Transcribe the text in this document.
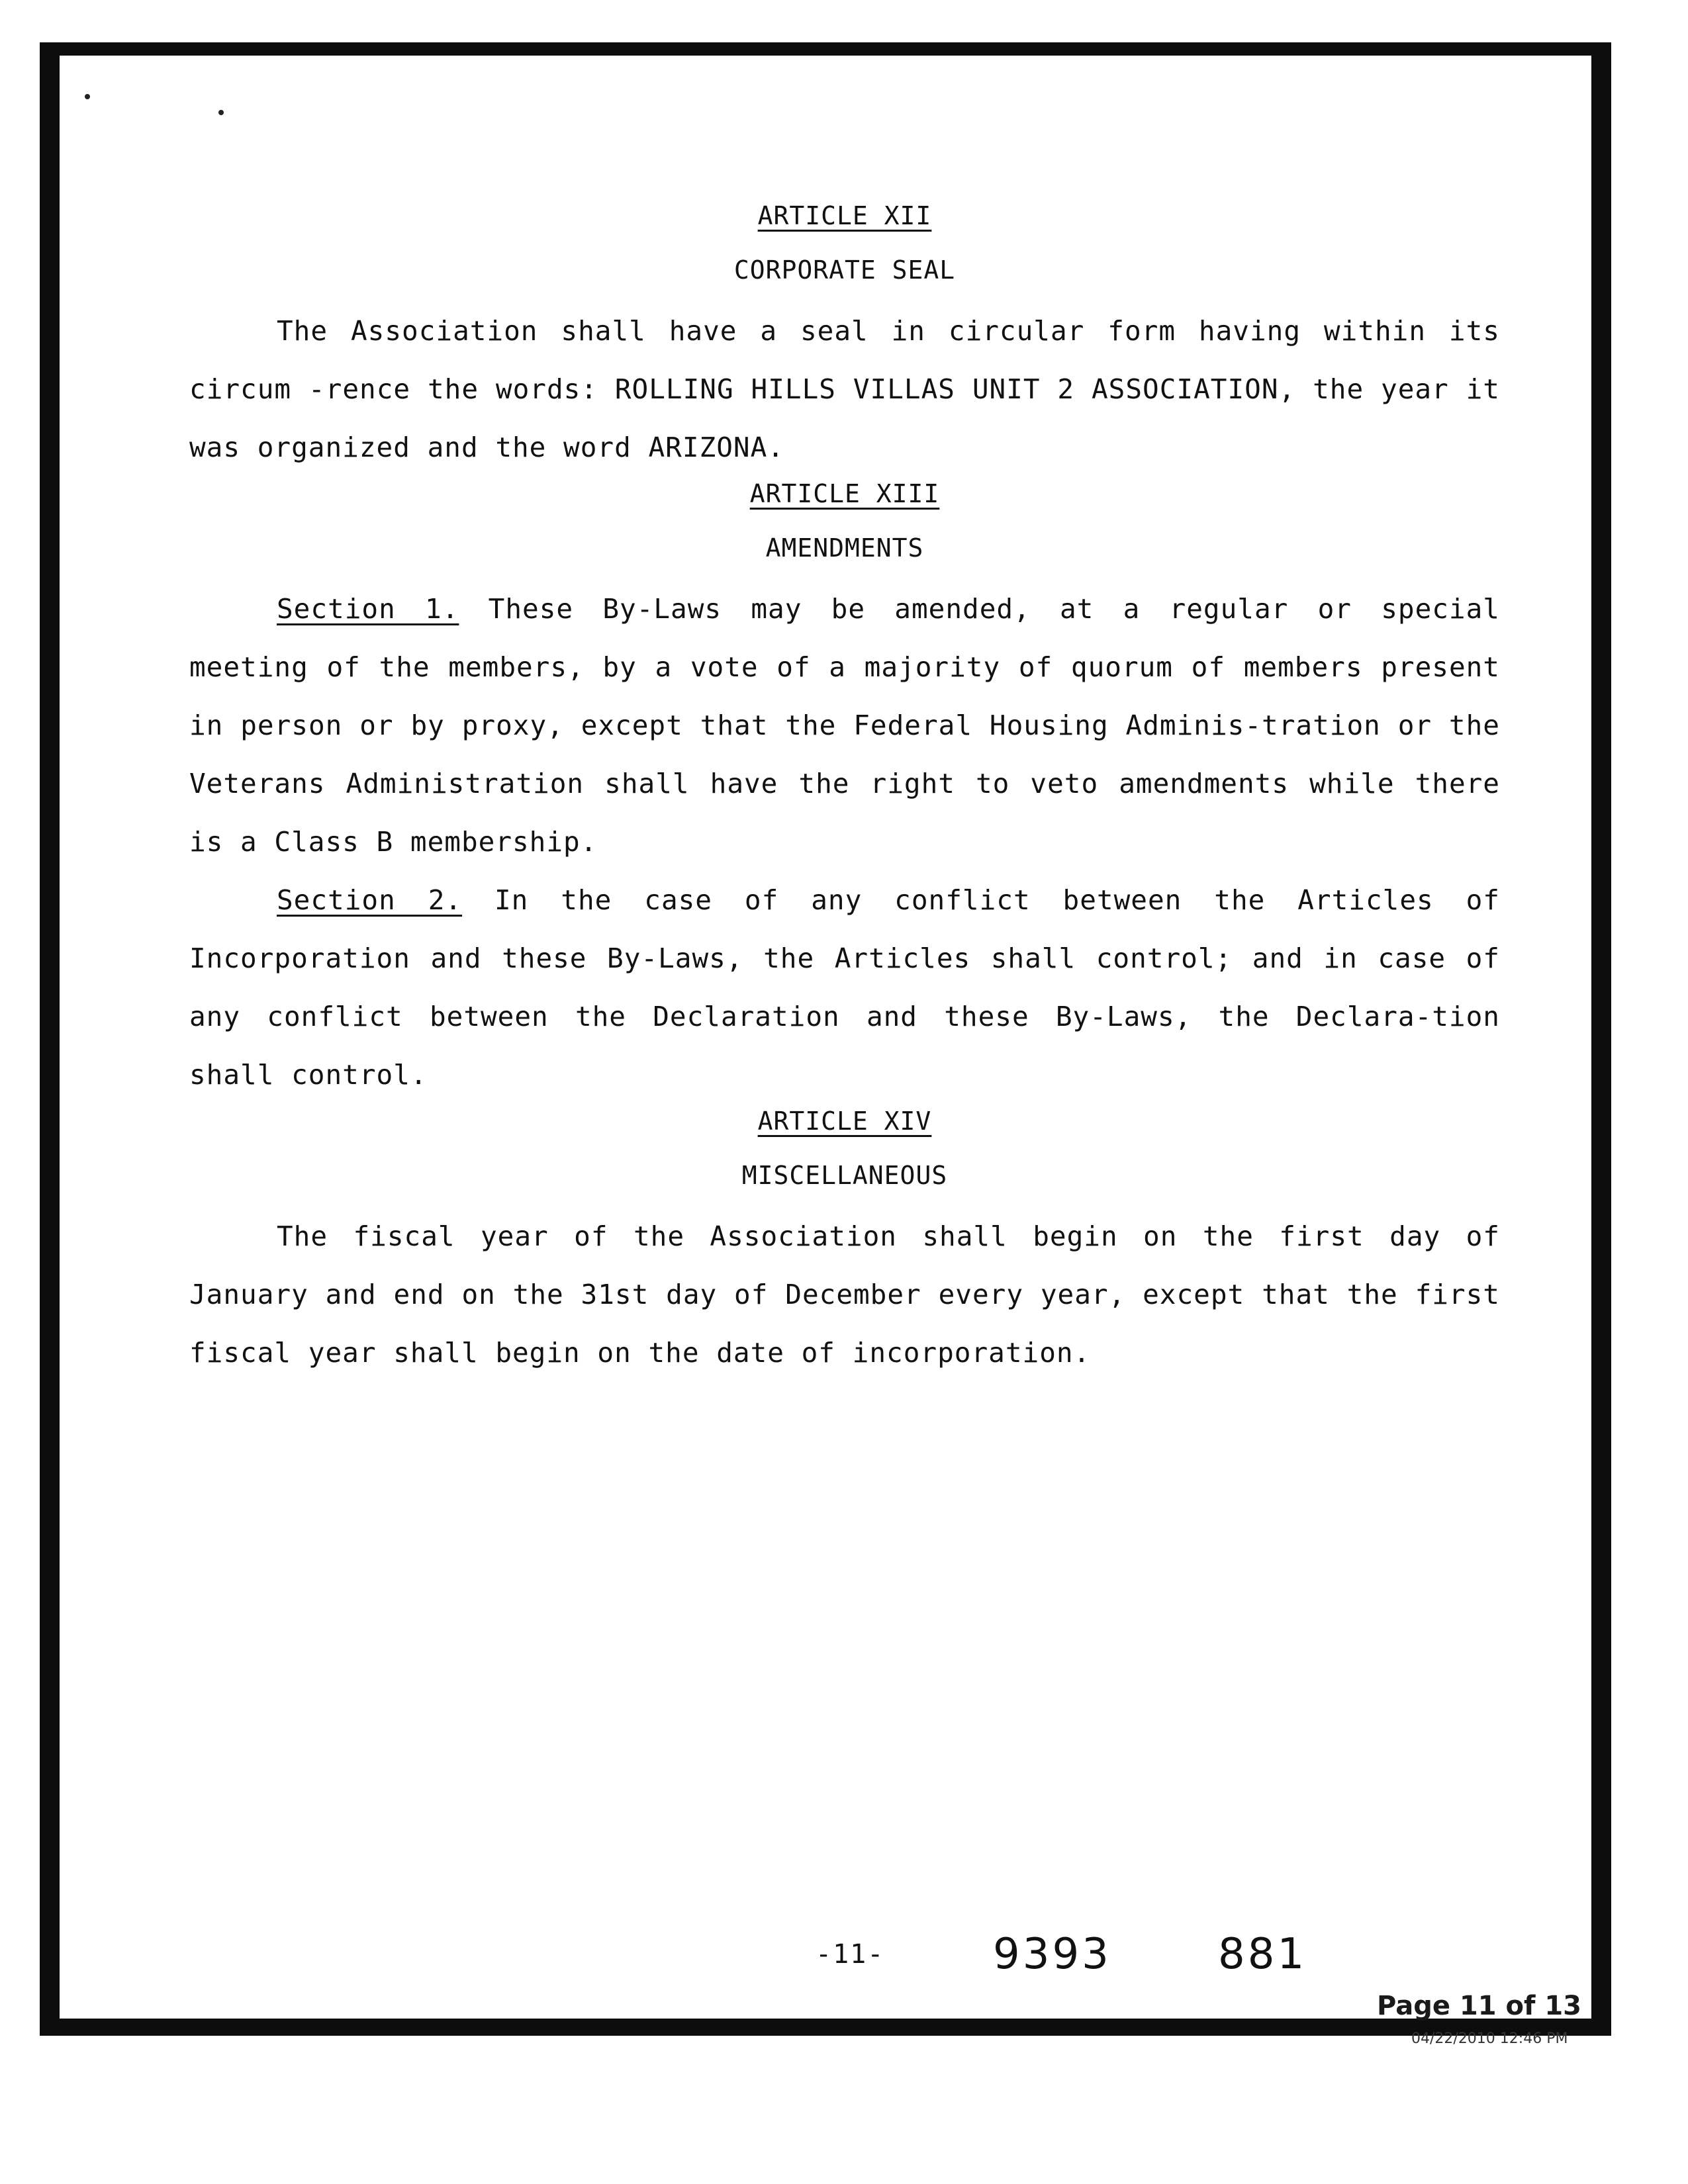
ARTICLE XII

CORPORATE SEAL

The Association shall have a seal in circular form having within its circum -rence the words: ROLLING HILLS VILLAS UNIT 2 ASSOCIATION, the year it was organized and the word ARIZONA.

ARTICLE XIII

AMENDMENTS

Section 1. These By-Laws may be amended, at a regular or special meeting of the members, by a vote of a majority of quorum of members present in person or by proxy, except that the Federal Housing Adminis-tration or the Veterans Administration shall have the right to veto amendments while there is a Class B membership.

Section 2. In the case of any conflict between the Articles of Incorporation and these By-Laws, the Articles shall control; and in case of any conflict between the Declaration and these By-Laws, the Declara-tion shall control.

ARTICLE XIV

MISCELLANEOUS

The fiscal year of the Association shall begin on the first day of January and end on the 31st day of December every year, except that the first fiscal year shall begin on the date of incorporation.

-11-	9393	881
Page 11 of 13
04/22/2010 12:46 PM
